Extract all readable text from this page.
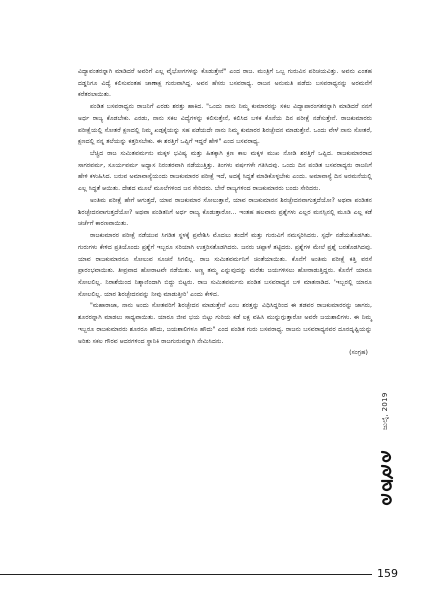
ವಿದ್ಯಾವಂತರನ್ನಾಗಿ ಮಾಡಿದರೆ ಅವರಿಗೆ ಎಲ್ಲ ವೈಭೋಗಗಳನ್ನು ಕೊಡುತ್ತೇನೆ" ಎಂದ ರಾಜ. ಮಂತ್ರಿಗೆ ಒಬ್ಬ ಗುರುವಿನ ಪರಿಚಯವಿತ್ತು. ಅವನು ಎಂತಹ ದಡ್ಡನಿಗೂ ವಿದ್ಯೆ ಕಲಿಸುವಂತಹ ಚಾಣಾಕ್ಷ ಗುರುವಾಗಿದ್ದ. ಅವನ ಹೆಸರು ಬಸವರಾಧ್ಯ. ರಾಜನ ಅನುಮತಿ ಪಡೆದು ಬಸವರಾಧ್ಯನನ್ನು ಅರಮನೆಗೆ ಕರೆತರಲಾಯಿತು.

ಪಂಡಿತ ಬಸವರಾಧ್ಯನು ರಾಜನಿಗೆ ಎರಡು ಶರತ್ತು ಹಾಕಿದ. "ಒಂದು ನಾನು ನಿಮ್ಮ ಕುಮಾರರನ್ನು ಸಕಲ ವಿದ್ಯಾಪಾರಂಗತರನ್ನಾಗಿ ಮಾಡಿದರೆ ನನಗೆ ಅರ್ಧ ರಾಜ್ಯ ಕೊಡಬೇಕು. ಎರಡು, ನಾನು ಸಕಲ ವಿದ್ಯೆಗಳನ್ನು ಕಲಿಸುತ್ತೇನೆ, ಕಲಿಸಿದ ಬಳಿಕ ಕೊನೆಯ ದಿನ ಪರೀಕ್ಷೆ ನಡೆಸುತ್ತೇನೆ. ರಾಜಕುಮಾರರು ಪರೀಕ್ಷೆಯಲ್ಲಿ ಸೋತರೆ ಕ್ಷಣದಲ್ಲಿ ನಿಮ್ಮ ಖಡ್ಗಕೈಯನ್ನು ಸಹ ಪಡೆಯದೇ ನಾನು ನಿಮ್ಮ ಕುಮಾರರ ಶಿರಚ್ಛೇದನ ಮಾಡುತ್ತೇನೆ. ಒಂದು ವೇಳೆ ನಾನು ಸೋತರೆ, ಕ್ಷಣದಲ್ಲಿ ನನ್ನ ತಲೆಯನ್ನು ಕತ್ತರಿಸಬೇಕು. ಈ ಶರತ್ತಿಗೆ ಒಪ್ಪಿಗೆ ಇದ್ದರೆ ಹೇಳಿ" ಎಂದ ಬಸವರಾಧ್ಯ.

ಬೆಚ್ಚಿದ ರಾಜ ಸುಮಿತವರ್ಮನು ಮಕ್ಕಳ ಭವಿಷ್ಯ ಮತ್ತು ಹಿತಕ್ಕಾಗಿ ಕ್ರಣ ಕಾಲ ಮಕ್ಕಳ ಮುಖ ನೋಡಿ ಶರತ್ತಿಗೆ ಒಪ್ಪಿದ. ರಾಜಕುಮಾರರಾದ ಸಾಗರವರ್ಮ, ಸೂರ್ಯವರ್ಮ ಅಧ್ಯಾಸ ನಿರಂತರವಾಗಿ ನಡೆಯುತ್ತಿತ್ತು. ತಿಂಗಳು ವರ್ಷಗಳೇ ಗತಿಸಿದವು. ಒಂದು ದಿನ ಪಂಡಿತ ಬಸವರಾಧ್ಯರು ರಾಜನಿಗೆ ಹೇಳಿ ಕಳುಹಿಸಿದ. ಬರುವ ಅಮಾವಾಸ್ಯೆಯಂದು ರಾಜಕುಮಾರರ ಪರೀಕ್ಷೆ ಇದೆ, ಅದಕ್ಕೆ ಸಿದ್ಧತೆ ಮಾಡಿಕೊಳ್ಳಬೇಕು ಎಂದು. ಅಮಾವಾಸ್ಯೆ ದಿನ ಅರಮನೆಯಲ್ಲಿ ಎಲ್ಲ ಸಿದ್ಧತೆ ಆಯಿತು. ದೇಶದ ಮೂಲೆ ಮೂಲೆಗಳಿಂದ ಜನ ಸೇರಿದರು. ಬೇರೆ ರಾಜ್ಯಗಳಿಂದ ರಾಜಕುಮಾರರು ಬಂದು ಸೇರಿದರು.

ಅಂತಿಮ ಪರೀಕ್ಷೆ ಹೇಗೆ ಆಗುತ್ತದೆ, ಯಾವ ರಾಜಕುಮಾರ ಸೋಲುತ್ತಾನೆ, ಯಾವ ರಾಜಕುಮಾರನ ಶಿರಚ್ಛೇದನವಾಗುತ್ತದೆಯೋ? ಅಥವಾ ಪಂಡಿತನ ಶಿರಚ್ಛೇದನವಾಗುತ್ತದೆಯೋ? ಅಥವಾ ಪಂಡಿತನಿಗೆ ಅರ್ಧ ರಾಜ್ಯ ಕೊಡುತ್ತಾರೋ... ಇಂತಹ ಹಲವಾರು ಪ್ರಶ್ನೆಗಳು ಎಲ್ಲರ ಮನಸ್ಸಿನಲ್ಲಿ ಮೂಡಿ ಎಲ್ಲ ಕಡೆ ಚರ್ಚೆಗೆ ಕಾರಣವಾಯಿತು.

ರಾಜಕುಮಾರರ ಪರೀಕ್ಷೆ ನಡೆಯುವ ಸಿಗಡಿತ ಸ್ಥಳಕ್ಕೆ ಪ್ರವೇಶಿಸಿ ಮೊದಲು ತಂದೆಗೆ ಮತ್ತು ಗುರುವಿಗೆ ನಮಸ್ಕರಿಸಿದರು. ಸ್ಪರ್ಧೆ ನಡೆಯತೊಡಗಿತು. ಗುರುಗಳು ಕೇಳಿದ ಪ್ರತಿಯೊಂದು ಪ್ರಶ್ನೆಗೆ ಇಬ್ಬರೂ ಸರಿಯಾಗಿ ಉತ್ತರಿಸತೊಡಗಿದರು. ಜನರು ಚಪ್ಪಾಳೆ ತಟ್ಟಿದರು. ಪ್ರಶ್ನೆಗಳ ಮೇಲೆ ಪ್ರಶ್ನೆ ಬರತೊಡಗಿದವು. ಯಾವ ರಾಜಕುಮಾರನೂ ಸೋಲುವ ಸೂಚನೆ ಸಿಗಲಿಲ್ಲ. ರಾಜ ಸುಮಿತವರ್ಮನಿಗೆ ಚಿಂತೆಯಾಯಿತು. ಕೊನೆಗೆ ಅಂತಿಮ ಪರೀಕ್ಷೆ ಕತ್ತಿ ವರಸೆ ಪ್ರಾರಂಭವಾಯಿತು. ತೀವ್ರವಾದ ಹೋರಾಟವೇ ನಡೆಯಿತು. ಅಣ್ಣ ತಮ್ಮ ಎನ್ನುವುದನ್ನು ಮರೆತು ಜಯಗಳಿಸಲು ಹೋರಾಡುತ್ತಿದ್ದರು. ಕೊನೆಗೆ ಯಾರೂ ಸೋಲಲಿಲ್ಲ. ನಿರಾಶೆಯಿಂದ ನಿಶ್ಶಾಣಿಂದಾಗಿ ಬಿದ್ದು ಬಿಟ್ಟರು. ರಾಜ ಸುಮಿತವರ್ಮನು ಪಂಡಿತ ಬಸವರಾಧ್ಯನ ಬಳಿ ಮಾತನಾಡಿದ. 'ಇಬ್ಬರಲ್ಲಿ ಯಾರೂ ಸೋಲಲಿಲ್ಲ. ಯಾರ ಶಿರಚ್ಛೇದನವನ್ನು ನೀವು ಮಾಡುತ್ತೀರಿ' ಎಂದು ಕೇಳಿದ.

"ಮಹಾರಾಜಾ, ನಾನು ಅಂದು ಸೋತವರಿಗೆ ಶಿರಚ್ಛೇದನ ಮಾಡುತ್ತೇನೆ ಎಂಬ ಶರತ್ತನ್ನು ವಿಧಿಸಿದ್ದರಿಂದ ಈ ತಡವರ ರಾಜಕುಮಾರರನ್ನು ಜಾಗರು, ಶೂರರನ್ನಾಗಿ ಮಾಡಲು ಸಾಧ್ಯವಾಯಿತು. ಯಾರೂ ಜೀವ ಭಯ ಬಿಟ್ಟು ಗುರಿಯ ಕಡೆ ಲಕ್ಷ ವಹಿಸಿ ಮುನ್ನುಗ್ಗುತ್ತಾರೋ ಅವರೇ ಜಯಶಾಲಿಗಳು. ಈ ನಿಮ್ಮ ಇಬ್ಬರೂ ರಾಜಕುಮಾರರು ಶೂರರೂ ಹೌದು, ಜಯಶಾಲಿಗಳೂ ಹೌದು" ಎಂದ ಪಂಡಿತ ಗುರು ಬಸವರಾಧ್ಯ. ರಾಜನು ಬಸವರಾಧ್ಯನವರ ದೂರದೃಷ್ಟಿಯನ್ನು ಅರಿತು ಸಕಲ ಗೌರವ ಆದರಗಳಿಂದ ಸ್ಥಾನಿಕಿ ರಾಜಗುರುವನ್ನಾಗಿ ನೇಮಿಸಿದನು.

(ಸಂಗ್ರಹ)

ಜುಲೈ, 2019
159
